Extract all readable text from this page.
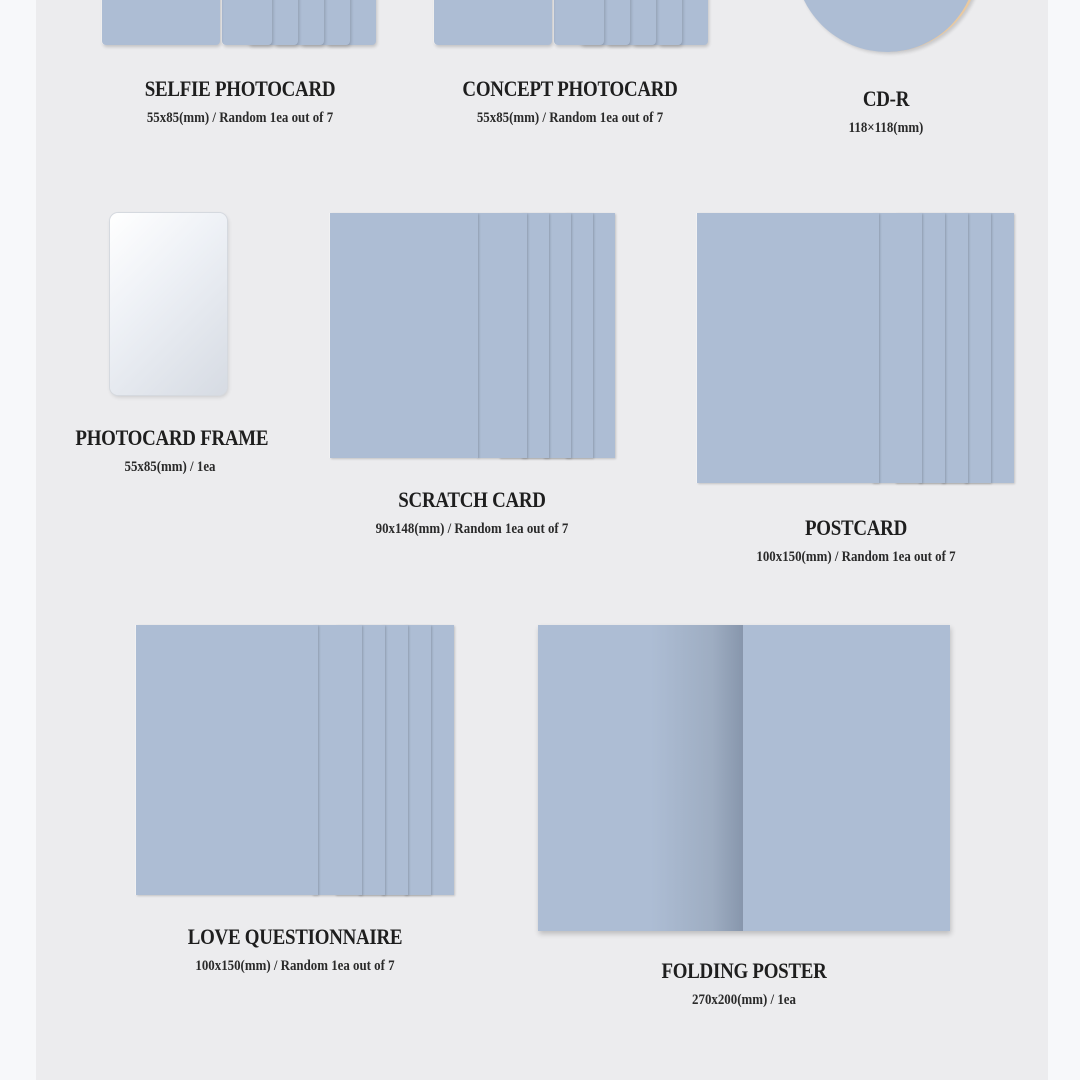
SELFIE PHOTOCARD
55x85(mm) / Random 1ea out of 7
CONCEPT PHOTOCARD
55x85(mm) / Random 1ea out of 7
CD-R
118×118(mm)
PHOTOCARD FRAME
55x85(mm) / 1ea
SCRATCH CARD
90x148(mm) / Random 1ea out of 7	POSTCARD
100x150(mm) / Random 1ea out of 7
LOVE QUESTIONNAIRE
100x150(mm) / Random 1ea out of 7	FOLDING POSTER
270x200(mm) / 1ea
